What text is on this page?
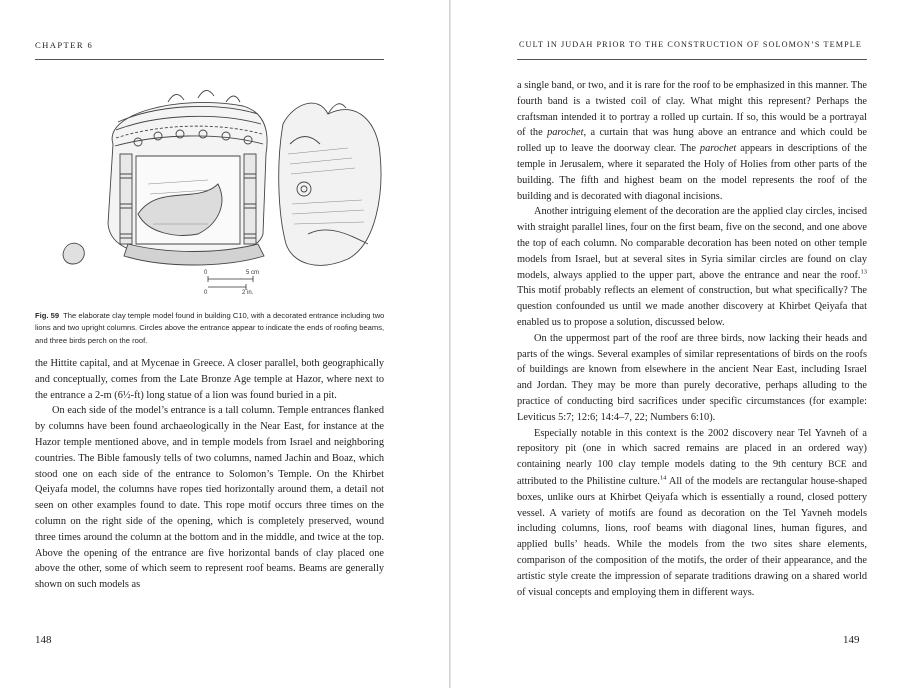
CHAPTER 6
0	5 cm
0	2 in.
Fig. 59 The elaborate clay temple model found in building C10, with a decorated entrance including two lions and two upright columns. Circles above the entrance appear to indicate the ends of roofing beams, and three birds perch on the roof.

the Hittite capital, and at Mycenae in Greece. A closer parallel, both geographically and conceptually, comes from the Late Bronze Age temple at Hazor, where next to the entrance a 2-m (6½-ft) long statue of a lion was found buried in a pit.

On each side of the model’s entrance is a tall column. Temple entrances flanked by columns have been found archaeologically in the Near East, for instance at the Hazor temple mentioned above, and in temple models from Israel and neighboring countries. The Bible famously tells of two columns, named Jachin and Boaz, which stood one on each side of the entrance to Solomon’s Temple. On the Khirbet Qeiyafa model, the columns have ropes tied horizontally around them, a detail not seen on other examples found to date. This rope motif occurs three times on the column on the right side of the opening, which is completely preserved, wound three times around the column at the bottom and in the middle, and twice at the top. Above the opening of the entrance are five horizontal bands of clay placed one above the other, some of which seem to represent roof beams. Beams are generally shown on such models as

148
CULT IN JUDAH PRIOR TO THE CONSTRUCTION OF SOLOMON’S TEMPLE

a single band, or two, and it is rare for the roof to be emphasized in this manner. The fourth band is a twisted coil of clay. What might this represent? Perhaps the craftsman intended it to portray a rolled up curtain. If so, this would be a portrayal of the parochet, a curtain that was hung above an entrance and which could be rolled up to leave the doorway clear. The parochet appears in descriptions of the temple in Jerusalem, where it separated the Holy of Holies from other parts of the building. The fifth and highest beam on the model represents the roof of the building and is decorated with diagonal incisions.

Another intriguing element of the decoration are the applied clay circles, incised with straight parallel lines, four on the first beam, five on the second, and one above the top of each column. No comparable decoration has been noted on other temple models from Israel, but at several sites in Syria similar circles are found on clay models, always applied to the upper part, above the entrance and near the roof.$^{13}$ This motif probably reflects an element of construction, but what specifically? The question confounded us until we made another discovery at Khirbet Qeiyafa that enabled us to propose a solution, discussed below.

On the uppermost part of the roof are three birds, now lacking their heads and parts of the wings. Several examples of similar representations of birds on the roofs of buildings are known from elsewhere in the ancient Near East, including Israel and Jordan. They may be more than purely decorative, perhaps alluding to the practice of conducting bird sacrifices under specific circumstances (for example: Leviticus 5:7; 12:6; 14:4–7, 22; Numbers 6:10).

Especially notable in this context is the 2002 discovery near Tel Yavneh of a repository pit (one in which sacred remains are placed in an ordered way) containing nearly 100 clay temple models dating to the 9th century BCE and attributed to the Philistine culture.$^{14}$ All of the models are rectangular house-shaped boxes, unlike ours at Khirbet Qeiyafa which is essentially a round, closed pottery vessel. A variety of motifs are found as decoration on the Tel Yavneh models including columns, lions, roof beams with diagonal lines, human figures, and applied bulls’ heads. While the models from the two sites share elements, comparison of the composition of the motifs, the order of their appearance, and the artistic style create the impression of separate traditions drawing on a shared world of visual concepts and employing them in different ways.

149
